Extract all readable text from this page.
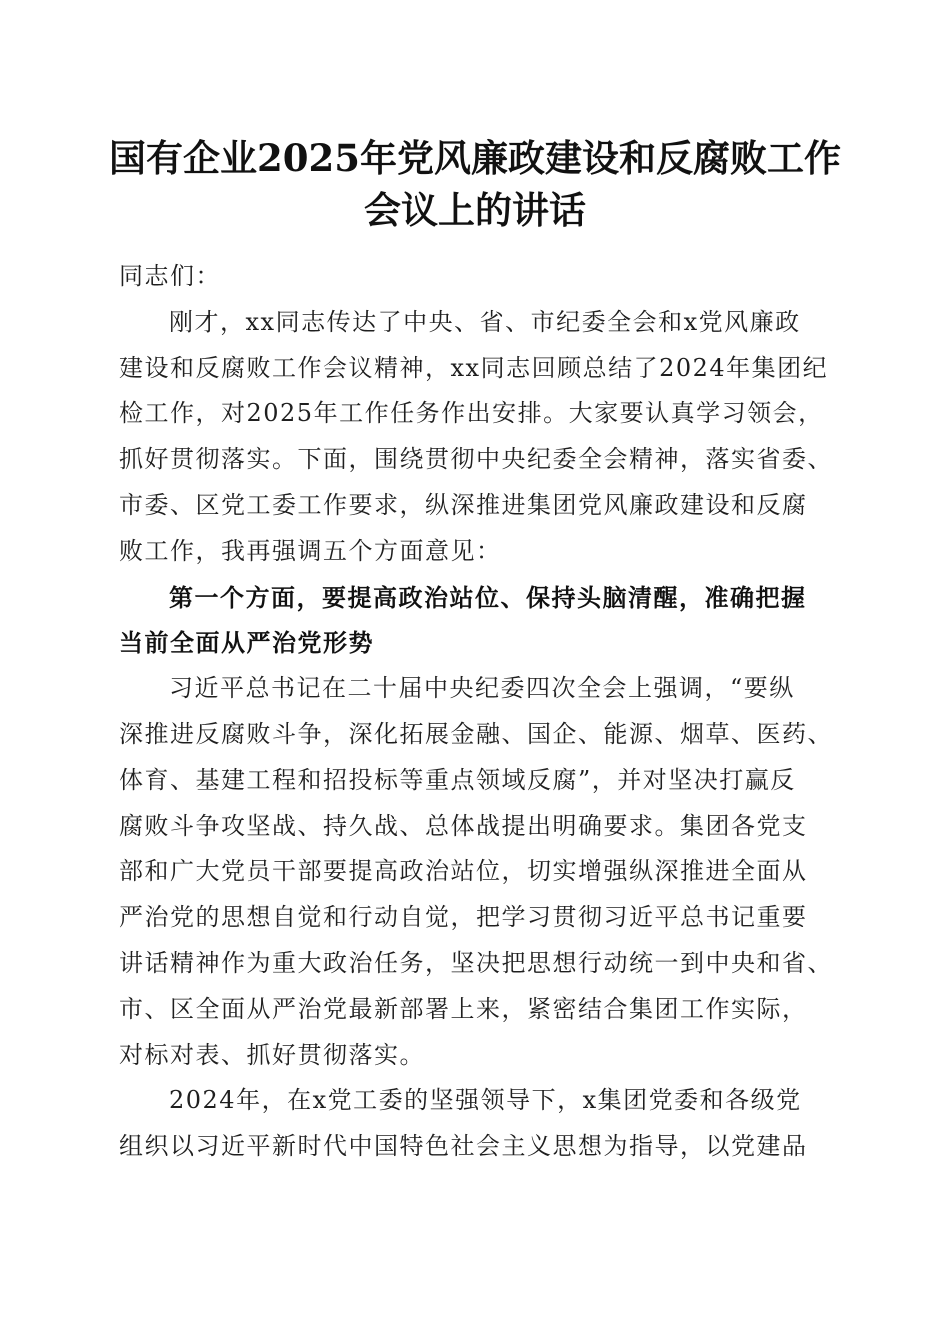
国有企业2025年党风廉政建设和反腐败工作
会议上的讲话
同志们：
刚才，xx同志传达了中央、省、市纪委全会和x党风廉政
建设和反腐败工作会议精神，xx同志回顾总结了2024年集团纪
检工作，对2025年工作任务作出安排。大家要认真学习领会，
抓好贯彻落实。下面，围绕贯彻中央纪委全会精神，落实省委、
市委、区党工委工作要求，纵深推进集团党风廉政建设和反腐
败工作，我再强调五个方面意见：
第一个方面，要提高政治站位、保持头脑清醒，准确把握
当前全面从严治党形势
习近平总书记在二十届中央纪委四次全会上强调，“要纵
深推进反腐败斗争，深化拓展金融、国企、能源、烟草、医药、
体育、基建工程和招投标等重点领域反腐”，并对坚决打赢反
腐败斗争攻坚战、持久战、总体战提出明确要求。集团各党支
部和广大党员干部要提高政治站位，切实增强纵深推进全面从
严治党的思想自觉和行动自觉，把学习贯彻习近平总书记重要
讲话精神作为重大政治任务，坚决把思想行动统一到中央和省、
市、区全面从严治党最新部署上来，紧密结合集团工作实际，
对标对表、抓好贯彻落实。
2024年，在x党工委的坚强领导下，x集团党委和各级党
组织以习近平新时代中国特色社会主义思想为指导，以党建品
